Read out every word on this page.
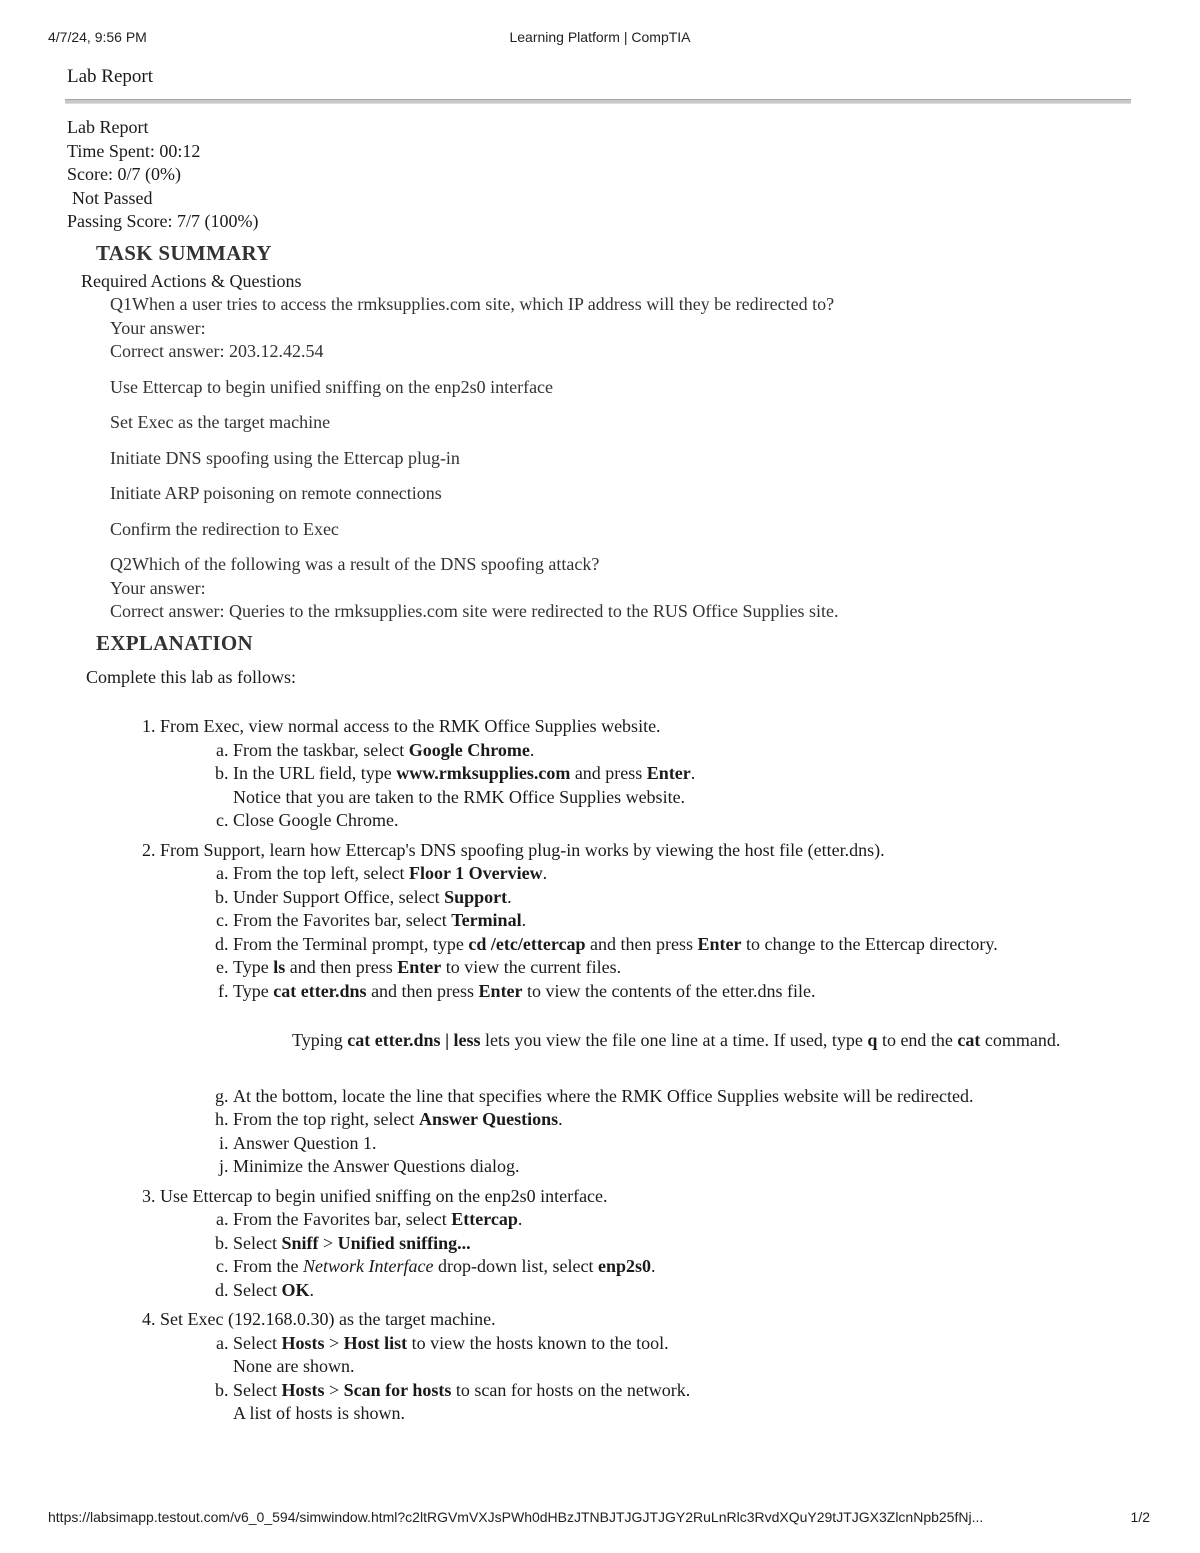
4/7/24, 9:56 PM	Learning Platform | CompTIA
Lab Report
Lab Report
Time Spent: 00:12
Score: 0/7 (0%)
Not Passed
Passing Score: 7/7 (100%)
TASK SUMMARY
Required Actions & Questions
Q1When a user tries to access the rmksupplies.com site, which IP address will they be redirected to?
Your answer:
Correct answer: 203.12.42.54
Use Ettercap to begin unified sniffing on the enp2s0 interface
Set Exec as the target machine
Initiate DNS spoofing using the Ettercap plug-in
Initiate ARP poisoning on remote connections
Confirm the redirection to Exec
Q2Which of the following was a result of the DNS spoofing attack?
Your answer:
Correct answer: Queries to the rmksupplies.com site were redirected to the RUS Office Supplies site.
EXPLANATION
Complete this lab as follows:
1. From Exec, view normal access to the RMK Office Supplies website.
a. From the taskbar, select Google Chrome.
b. In the URL field, type www.rmksupplies.com and press Enter.
Notice that you are taken to the RMK Office Supplies website.
c. Close Google Chrome.
2. From Support, learn how Ettercap's DNS spoofing plug-in works by viewing the host file (etter.dns).
a. From the top left, select Floor 1 Overview.
b. Under Support Office, select Support.
c. From the Favorites bar, select Terminal.
d. From the Terminal prompt, type cd /etc/ettercap and then press Enter to change to the Ettercap directory.
e. Type ls and then press Enter to view the current files.
f. Type cat etter.dns and then press Enter to view the contents of the etter.dns file.
Typing cat etter.dns | less lets you view the file one line at a time. If used, type q to end the cat command.
g. At the bottom, locate the line that specifies where the RMK Office Supplies website will be redirected.
h. From the top right, select Answer Questions.
i. Answer Question 1.
j. Minimize the Answer Questions dialog.
3. Use Ettercap to begin unified sniffing on the enp2s0 interface.
a. From the Favorites bar, select Ettercap.
b. Select Sniff > Unified sniffing...
c. From the Network Interface drop-down list, select enp2s0.
d. Select OK.
4. Set Exec (192.168.0.30) as the target machine.
a. Select Hosts > Host list to view the hosts known to the tool.
None are shown.
b. Select Hosts > Scan for hosts to scan for hosts on the network.
A list of hosts is shown.
https://labsimapp.testout.com/v6_0_594/simwindow.html?c2ltRGVmVXJsPWh0dHBzJTNBJTJGJTJGY2RuLnRlc3RvdXQuY29tJTJGX3ZlcnNpb25fNj...	1/2
